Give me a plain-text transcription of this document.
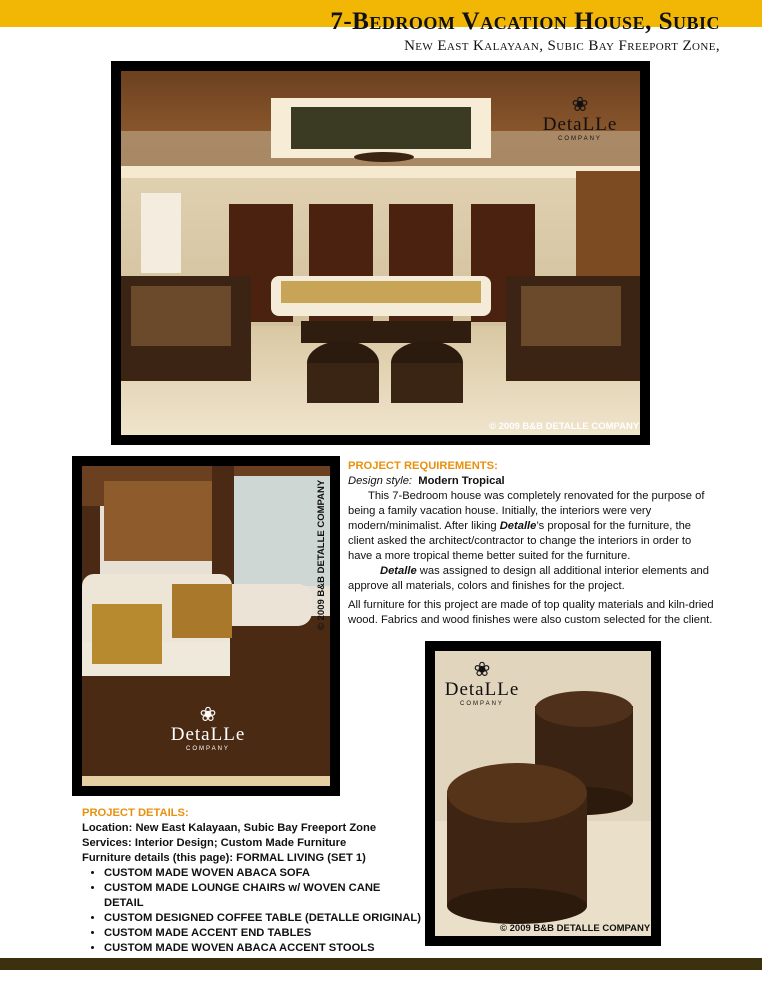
7-Bedroom Vacation House, Subic
New East Kalayaan, Subic Bay Freeport Zone,
❀
DetaLLe
COMPANY
© 2009 B&B DETALLE COMPANY
❀
DetaLLe
COMPANY
© 2009 B&B DETALLE COMPANY
❀
DetaLLe
COMPANY
© 2009 B&B DETALLE COMPANY
PROJECT REQUIREMENTS:

Design style: Modern Tropical

This 7-Bedroom house was completely renovated for the purpose of being a family vacation house. Initially, the interiors were very modern/minimalist. After liking Detalle’s proposal for the furniture, the client asked the architect/contractor to change the interiors in order to have a more tropical theme better suited for the furniture.

Detalle was assigned to design all additional interior elements and approve all materials, colors and finishes for the project.

All furniture for this project are made of top quality materials and kiln-dried wood. Fabrics and wood finishes were also custom selected for the client.

PROJECT DETAILS:
Location: New East Kalayaan, Subic Bay Freeport Zone
Services: Interior Design; Custom Made Furniture
Furniture details (this page): FORMAL LIVING (SET 1)
• CUSTOM MADE WOVEN ABACA SOFA
• CUSTOM MADE LOUNGE CHAIRS w/ WOVEN CANE DETAIL
• CUSTOM DESIGNED COFFEE TABLE (DETALLE ORIGINAL)
• CUSTOM MADE ACCENT END TABLES
• CUSTOM MADE WOVEN ABACA ACCENT STOOLS
